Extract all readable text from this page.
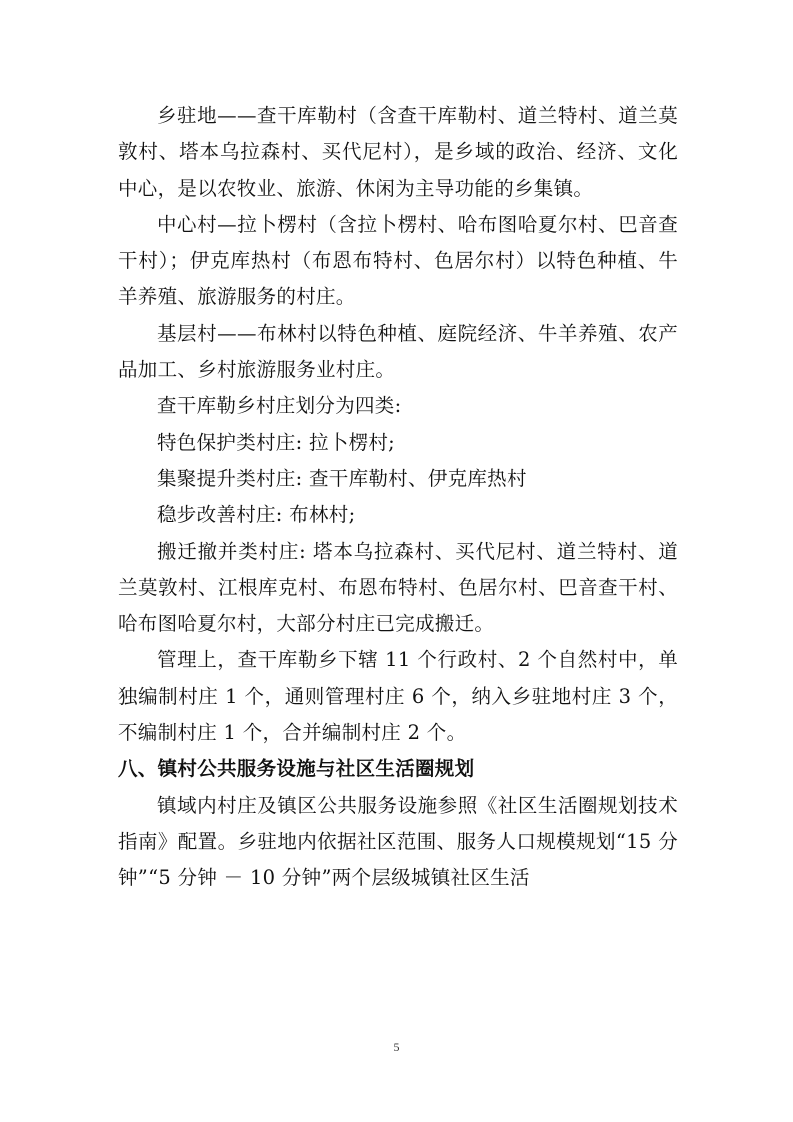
乡驻地——查干库勒村（含查干库勒村、道兰特村、道兰莫敦村、塔本乌拉森村、买代尼村），是乡域的政治、经济、文化中心，是以农牧业、旅游、休闲为主导功能的乡集镇。

中心村—拉卜楞村（含拉卜楞村、哈布图哈夏尔村、巴音查干村）；伊克库热村（布恩布特村、色居尔村）以特色种植、牛羊养殖、旅游服务的村庄。

基层村——布林村以特色种植、庭院经济、牛羊养殖、农产品加工、乡村旅游服务业村庄。

查干库勒乡村庄划分为四类:

特色保护类村庄: 拉卜楞村;

集聚提升类村庄: 查干库勒村、伊克库热村

稳步改善村庄: 布林村;

搬迁撤并类村庄: 塔本乌拉森村、买代尼村、道兰特村、道兰莫敦村、江根库克村、布恩布特村、色居尔村、巴音查干村、哈布图哈夏尔村，大部分村庄已完成搬迁。

管理上，查干库勒乡下辖 11 个行政村、2 个自然村中，单独编制村庄 1 个，通则管理村庄 6 个，纳入乡驻地村庄 3 个，不编制村庄 1 个，合并编制村庄 2 个。

八、镇村公共服务设施与社区生活圈规划

镇域内村庄及镇区公共服务设施参照《社区生活圈规划技术指南》配置。乡驻地内依据社区范围、服务人口规模规划“15 分钟”“5 分钟 － 10 分钟”两个层级城镇社区生活

5
